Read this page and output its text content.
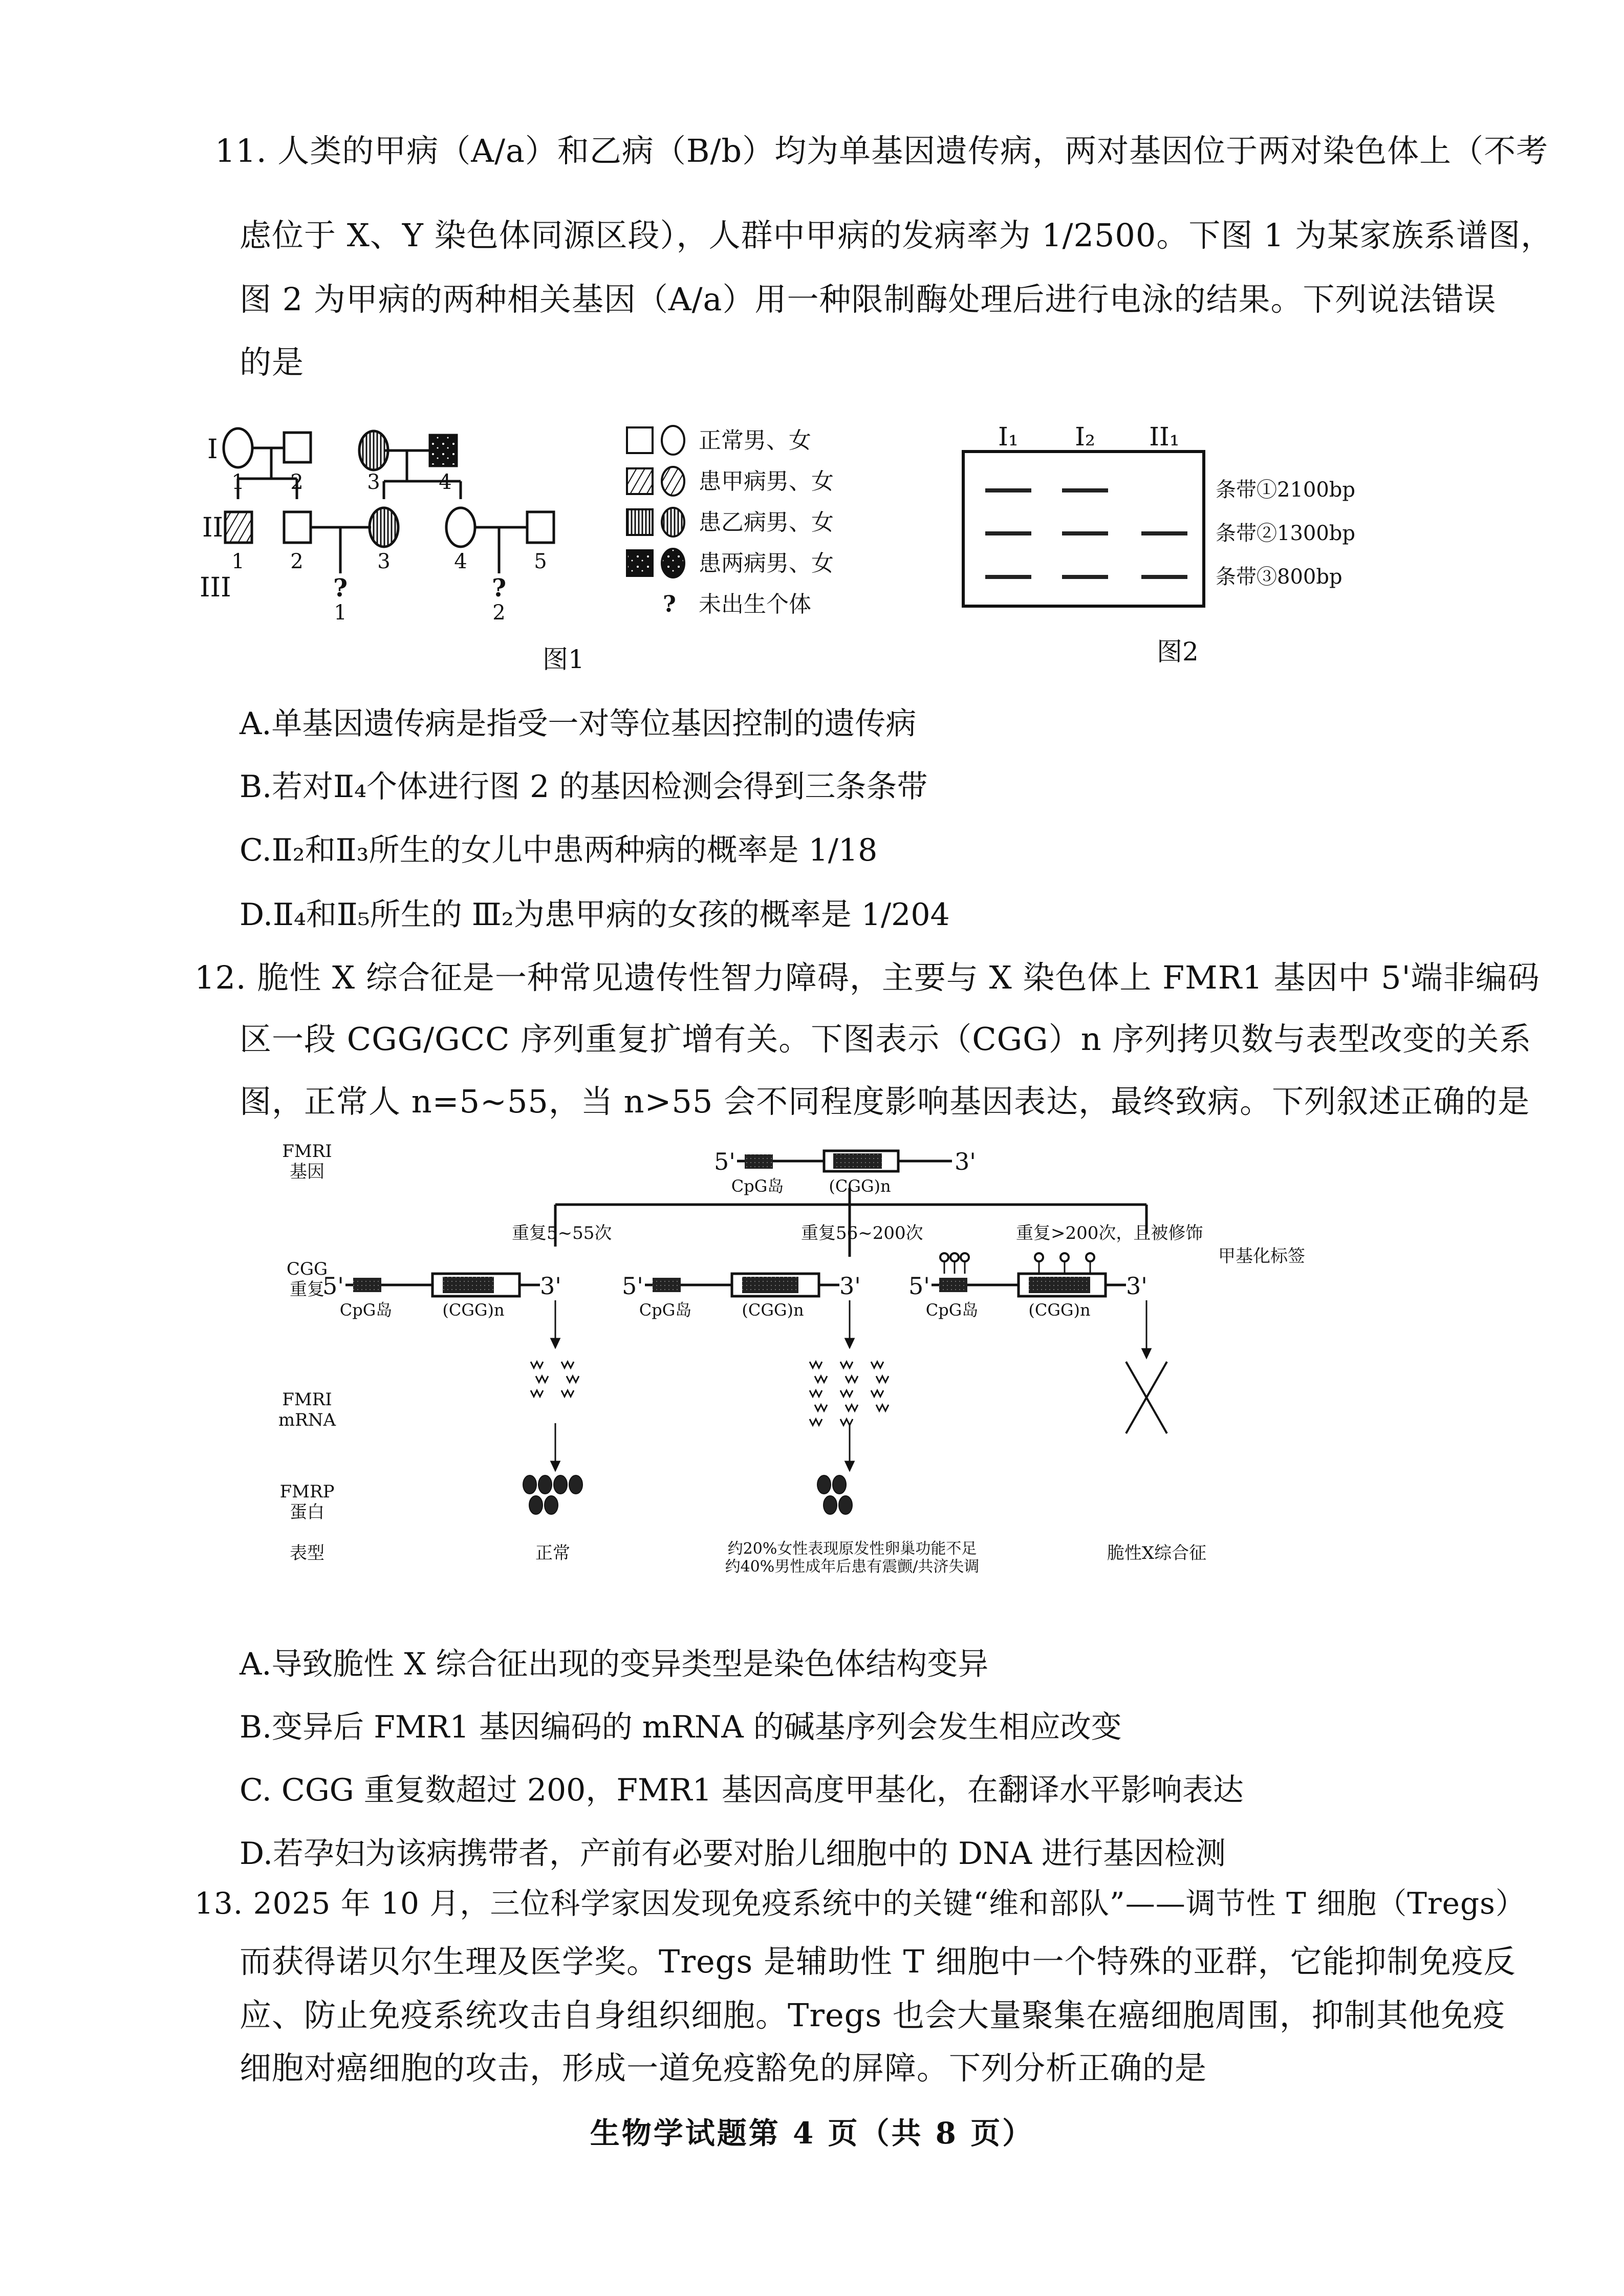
11. 人类的甲病（A/a）和乙病（B/b）均为单基因遗传病，两对基因位于两对染色体上（不考
虑位于 X、Y 染色体同源区段），人群中甲病的发病率为 1/2500。下图 1 为某家族系谱图，
图 2 为甲病的两种相关基因（A/a）用一种限制酶处理后进行电泳的结果。下列说法错误
的是
I
II
III
1 2	3	4
1 2	3	4	5
?
1
?
2
正常男、女
患甲病男、女
患乙病男、女
患两病男、女
? 未出生个体
图1
I₁ I₂ II₁
条带①2100bp
条带②1300bp
条带③800bp
图2
A.单基因遗传病是指受一对等位基因控制的遗传病
B.若对Ⅱ₄个体进行图 2 的基因检测会得到三条条带
C.Ⅱ₂和Ⅱ₃所生的女儿中患两种病的概率是 1/18
D.Ⅱ₄和Ⅱ₅所生的 Ⅲ₂为患甲病的女孩的概率是 1/204
12. 脆性 X 综合征是一种常见遗传性智力障碍，主要与 X 染色体上 FMR1 基因中 5'端非编码
区一段 CGG/GCC 序列重复扩增有关。下图表示（CGG）n 序列拷贝数与表型改变的关系
图，正常人 n=5~55，当 n>55 会不同程度影响基因表达，最终致病。下列叙述正确的是
FMRI
基因
CGG
重复
FMRI
mRNA
FMRP
蛋白
表型
5'	3'
CpG岛	(CGG)n
重复5~55次	重复56~200次	重复>200次，且被修饰
甲基化标签
5'	3'
CpG岛	(CGG)n
5'	3'
CpG岛	(CGG)n
5'	3'
CpG岛	(CGG)n
正常	约20%女性表现原发性卵巢功能不足
约40%男性成年后患有震颤/共济失调
脆性X综合征
A.导致脆性 X 综合征出现的变异类型是染色体结构变异
B.变异后 FMR1 基因编码的 mRNA 的碱基序列会发生相应改变
C. CGG 重复数超过 200，FMR1 基因高度甲基化，在翻译水平影响表达
D.若孕妇为该病携带者，产前有必要对胎儿细胞中的 DNA 进行基因检测
13. 2025 年 10 月，三位科学家因发现免疫系统中的关键“维和部队”——调节性 T 细胞（Tregs）
而获得诺贝尔生理及医学奖。Tregs 是辅助性 T 细胞中一个特殊的亚群，它能抑制免疫反
应、防止免疫系统攻击自身组织细胞。Tregs 也会大量聚集在癌细胞周围，抑制其他免疫
细胞对癌细胞的攻击，形成一道免疫豁免的屏障。下列分析正确的是
生物学试题第 4 页（共 8 页）
